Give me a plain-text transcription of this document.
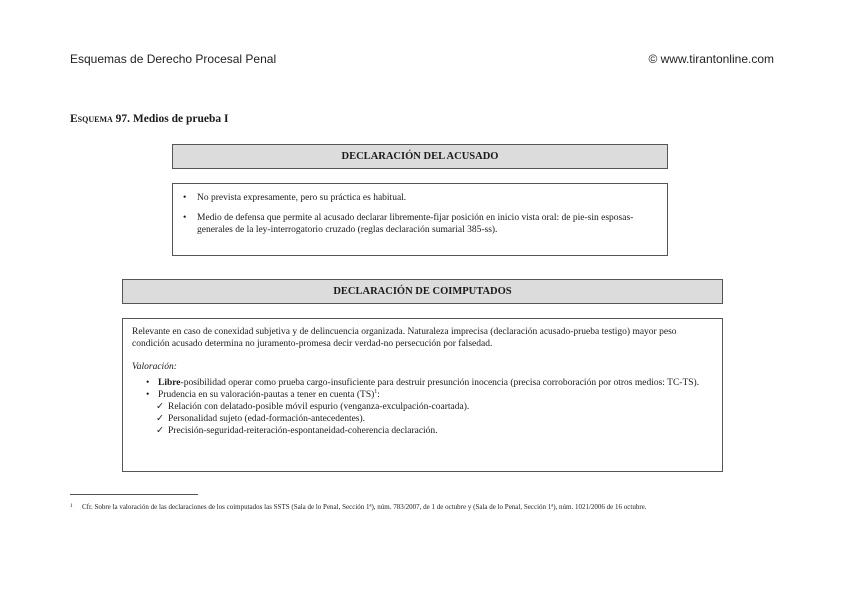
Esquemas de Derecho Procesal Penal	© www.tirantonline.com
Esquema 97. Medios de prueba I
DECLARACIÓN DEL ACUSADO
• No prevista expresamente, pero su práctica es habitual.
• Medio de defensa que permite al acusado declarar libremente-fijar posición en inicio vista oral: de pie-sin esposas-generales de la ley-interrogatorio cruzado (reglas declaración sumarial 385-ss).
DECLARACIÓN DE COIMPUTADOS

Relevante en caso de conexidad subjetiva y de delincuencia organizada. Naturaleza imprecisa (declaración acusado-prueba testigo) mayor peso condición acusado determina no juramento-promesa decir verdad-no persecución por falsedad.

Valoración:

• Libre-posibilidad operar como prueba cargo-insuficiente para destruir presunción inocencia (precisa corroboración por otros medios: TC-TS).
• Prudencia en su valoración-pautas a tener en cuenta (TS)$^1$:
✓ Relación con delatado-posible móvil espurio (venganza-exculpación-coartada).
✓ Personalidad sujeto (edad-formación-antecedentes).
✓ Precisión-seguridad-reiteración-espontaneidad-coherencia declaración.
1	Cfr. Sobre la valoración de las declaraciones de los coimputados las SSTS (Sala de lo Penal, Sección 1ª), núm. 783/2007, de 1 de octubre y (Sala de lo Penal, Sección 1ª), núm. 1021/2006 de 16 octubre.
